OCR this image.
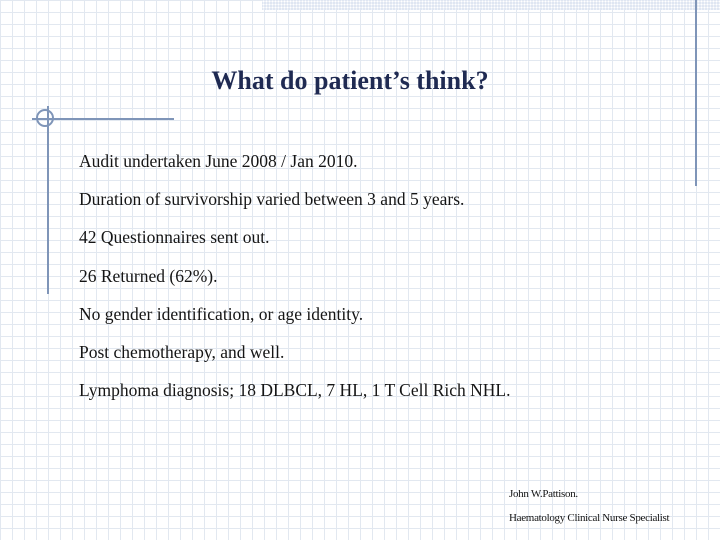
What do patient’s think?
Audit undertaken June 2008 / Jan 2010.
Duration of survivorship varied between 3 and 5 years.
42 Questionnaires sent out.
26 Returned (62%).
No gender identification, or age identity.
Post chemotherapy, and well.
Lymphoma diagnosis; 18 DLBCL, 7 HL, 1 T Cell Rich NHL.
John W.Pattison.
Haematology Clinical Nurse Specialist
